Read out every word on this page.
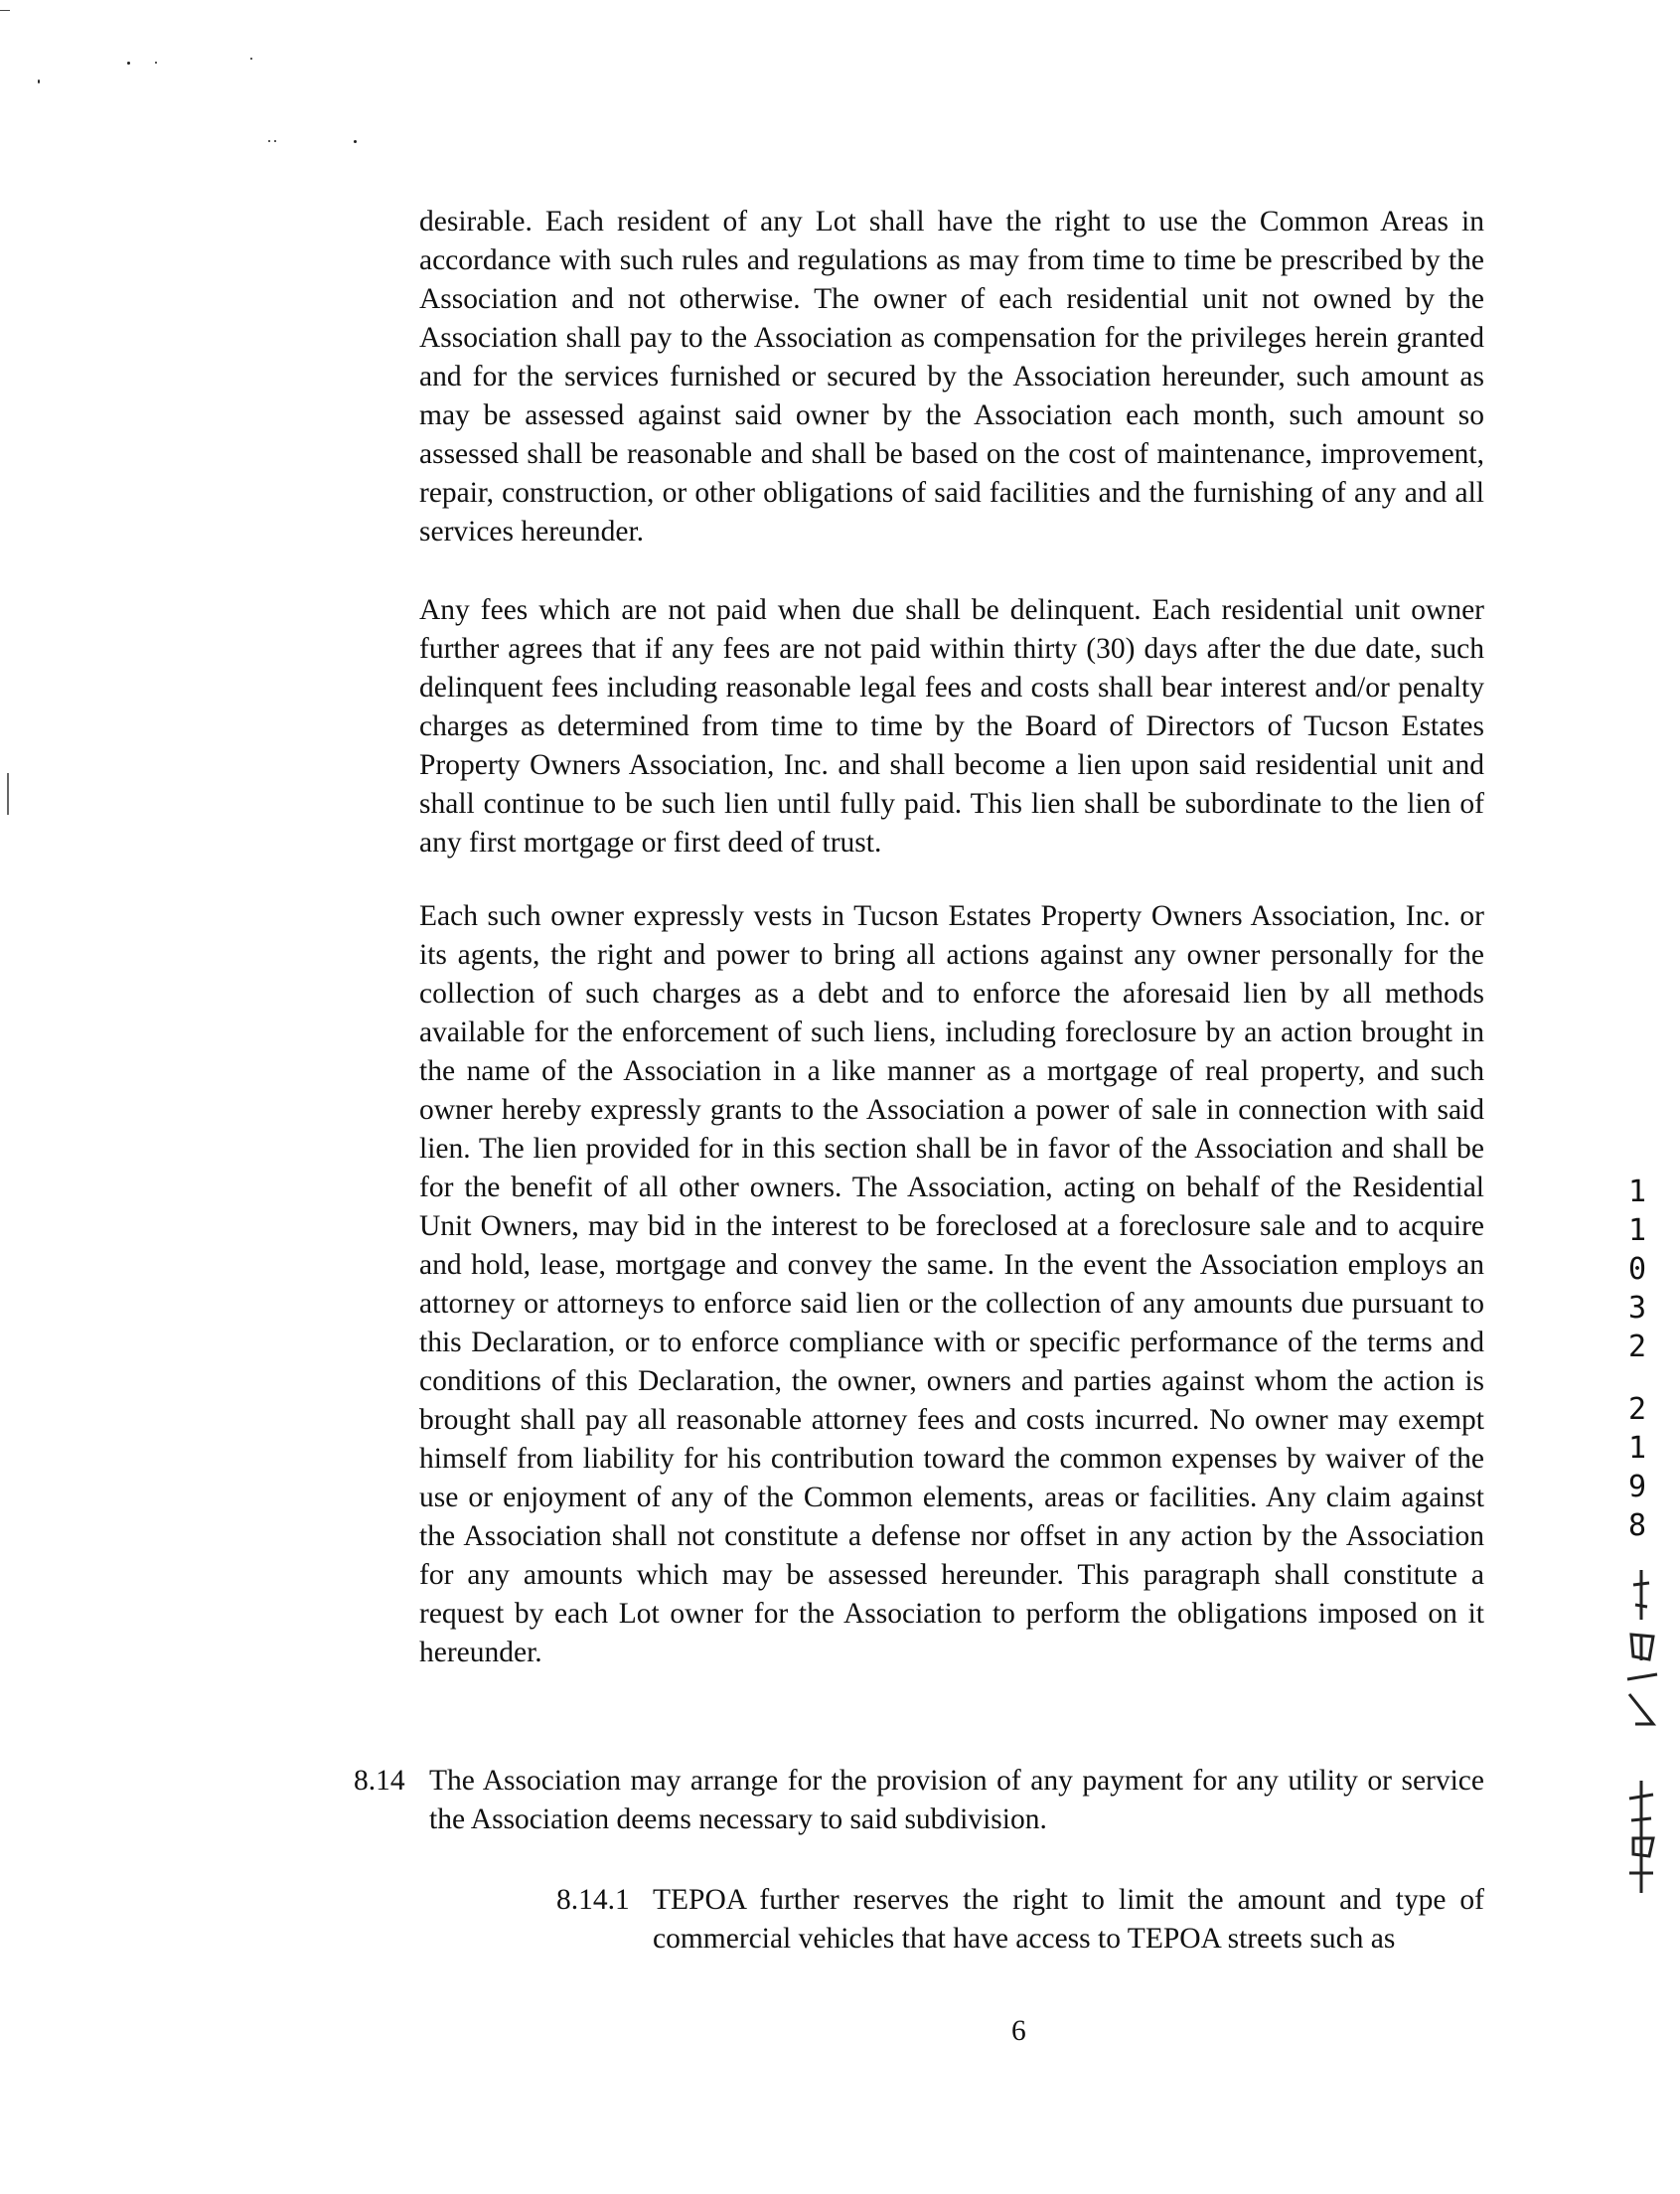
desirable. Each resident of any Lot shall have the right to use the Common Areas in accordance with such rules and regulations as may from time to time be prescribed by the Association and not otherwise. The owner of each residential unit not owned by the Association shall pay to the Association as compensation for the privileges herein granted and for the services furnished or secured by the Association hereunder, such amount as may be assessed against said owner by the Association each month, such amount so assessed shall be reasonable and shall be based on the cost of maintenance, improvement, repair, construction, or other obligations of said facilities and the furnishing of any and all services hereunder.

Any fees which are not paid when due shall be delinquent. Each residential unit owner further agrees that if any fees are not paid within thirty (30) days after the due date, such delinquent fees including reasonable legal fees and costs shall bear interest and/or penalty charges as determined from time to time by the Board of Directors of Tucson Estates Property Owners Association, Inc. and shall become a lien upon said residential unit and shall continue to be such lien until fully paid. This lien shall be subordinate to the lien of any first mortgage or first deed of trust.

Each such owner expressly vests in Tucson Estates Property Owners Association, Inc. or its agents, the right and power to bring all actions against any owner personally for the collection of such charges as a debt and to enforce the aforesaid lien by all methods available for the enforcement of such liens, including foreclosure by an action brought in the name of the Association in a like manner as a mortgage of real property, and such owner hereby expressly grants to the Association a power of sale in connection with said lien. The lien provided for in this section shall be in favor of the Association and shall be for the benefit of all other owners. The Association, acting on behalf of the Residential Unit Owners, may bid in the interest to be foreclosed at a foreclosure sale and to acquire and hold, lease, mortgage and convey the same. In the event the Association employs an attorney or attorneys to enforce said lien or the collection of any amounts due pursuant to this Declaration, or to enforce compliance with or specific performance of the terms and conditions of this Declaration, the owner, owners and parties against whom the action is brought shall pay all reasonable attorney fees and costs incurred. No owner may exempt himself from liability for his contribution toward the common expenses by waiver of the use or enjoyment of any of the Common elements, areas or facilities. Any claim against the Association shall not constitute a defense nor offset in any action by the Association for any amounts which may be assessed hereunder. This paragraph shall constitute a request by each Lot owner for the Association to perform the obligations imposed on it hereunder.

8.14 The Association may arrange for the provision of any payment for any utility or service the Association deems necessary to said subdivision.

8.14.1 TEPOA further reserves the right to limit the amount and type of commercial vehicles that have access to TEPOA streets such as

6
1
1
0
3
2
2
1
9
8
